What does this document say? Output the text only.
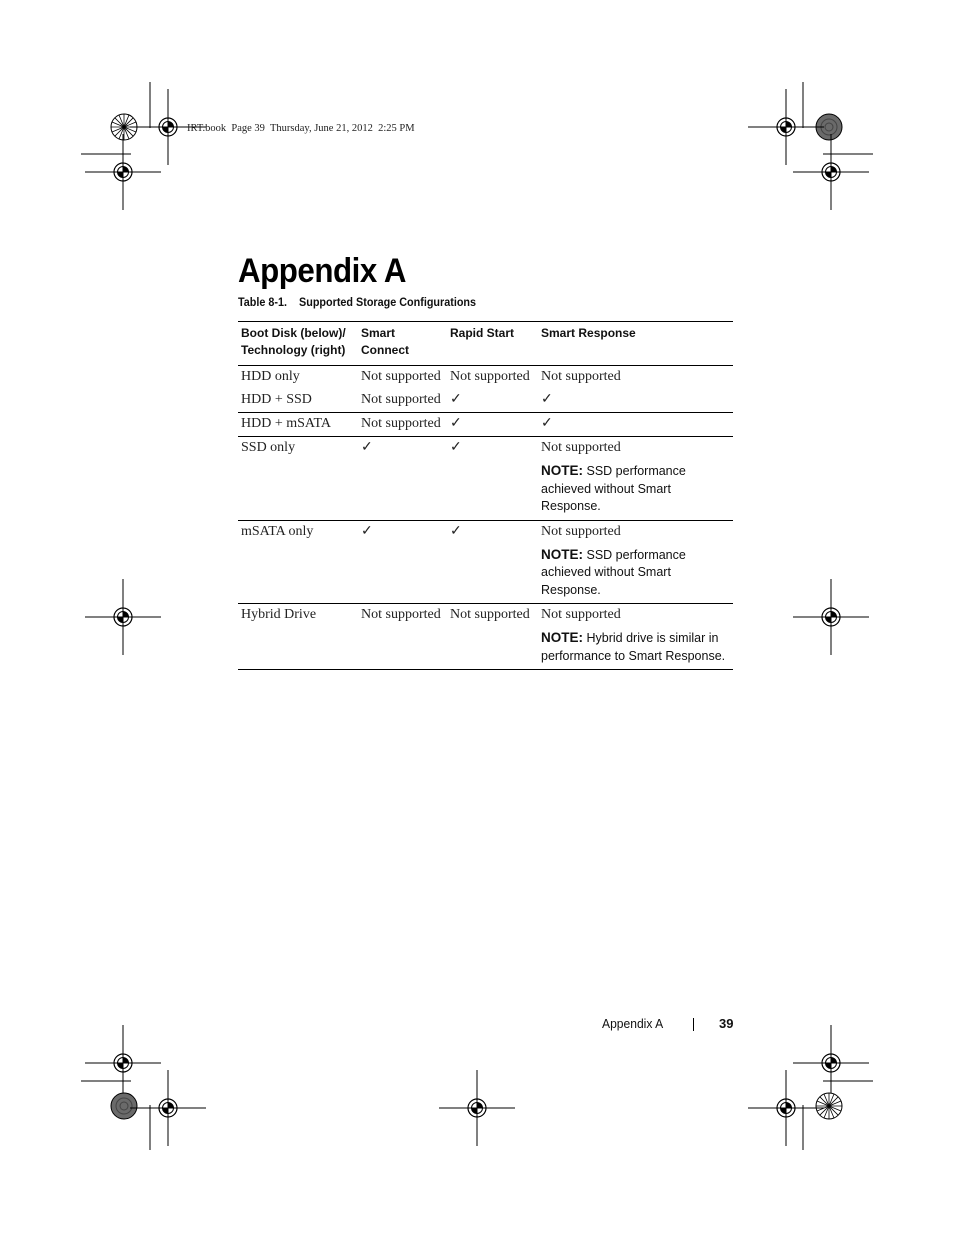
IRT.book  Page 39  Thursday, June 21, 2012  2:25 PM
Appendix A
Table 8-1.    Supported Storage Configurations
Boot Disk (below)/
Technology (right)	Smart Connect	Rapid Start	Smart Response
HDD only	Not supported	Not supported	Not supported
HDD + SSD	Not supported	✓	✓
HDD + mSATA	Not supported	✓	✓
SSD only	✓	✓	Not supported
NOTE: SSD performance achieved without Smart Response.

mSATA only	✓	✓	Not supported
NOTE: SSD performance achieved without Smart Response.

Hybrid Drive	Not supported	Not supported	Not supported
NOTE: Hybrid drive is similar in performance to Smart Response.
Appendix A	39
